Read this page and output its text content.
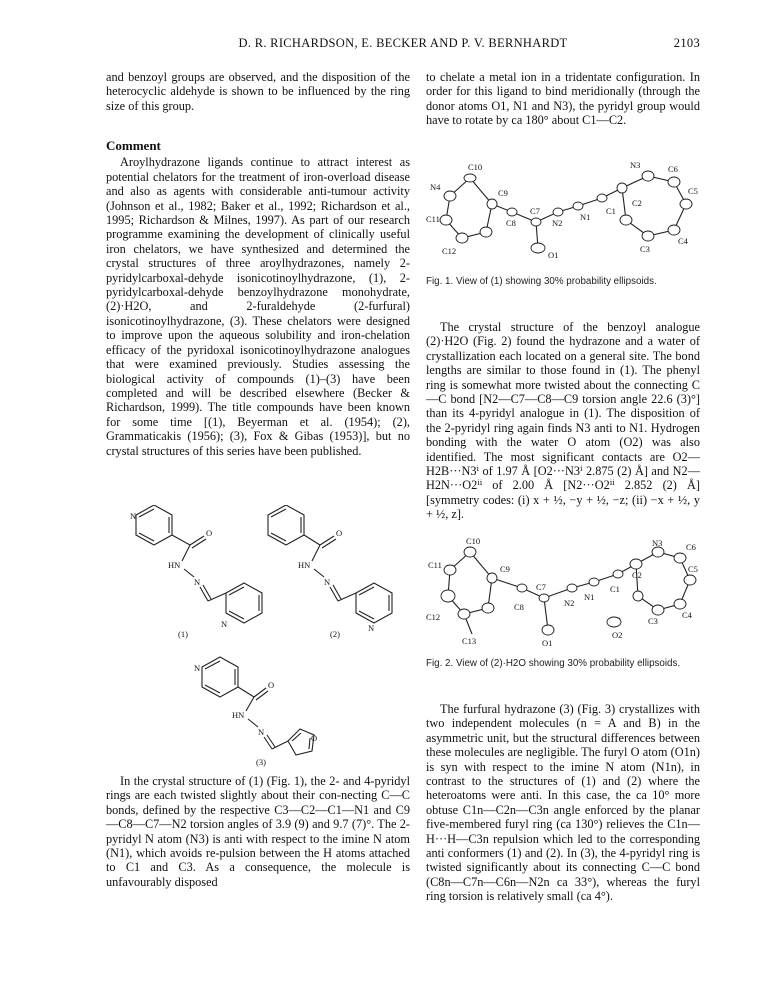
D. R. RICHARDSON, E. BECKER AND P. V. BERNHARDT	2103

and benzoyl groups are observed, and the disposition of the heterocyclic aldehyde is shown to be influenced by the ring size of this group.

Comment

Aroylhydrazone ligands continue to attract interest as potential chelators for the treatment of iron-overload disease and also as agents with considerable anti-tumour activity (Johnson et al., 1982; Baker et al., 1992; Richardson et al., 1995; Richardson & Milnes, 1997). As part of our research programme examining the development of clinically useful iron chelators, we have synthesized and determined the crystal structures of three aroylhydrazones, namely 2-pyridylcarboxal-dehyde isonicotinoylhydrazone, (1), 2-pyridylcarboxal-dehyde benzoylhydrazone monohydrate, (2)·H2O, and 2-furaldehyde (2-furfural) isonicotinoylhydrazone, (3). These chelators were designed to improve upon the aqueous solubility and iron-chelation efficacy of the pyridoxal isonicotinoylhydrazone analogues that were examined previously. Studies assessing the biological activity of compounds (1)–(3) have been completed and will be described elsewhere (Becker & Richardson, 1999). The title compounds have been known for some time [(1), Beyerman et al. (1954); (2), Grammaticakis (1956); (3), Fox & Gibas (1953)], but no crystal structures of this series have been published.

N
O
HN
N
N
(1)
O
HN
N
N
(2)
N
O
HN
N
O
(3)

In the crystal structure of (1) (Fig. 1), the 2- and 4-pyridyl rings are each twisted slightly about their con-necting C—C bonds, defined by the respective C3—C2—C1—N1 and C9—C8—C7—N2 torsion angles of 3.9 (9) and 9.7 (7)°. The 2-pyridyl N atom (N3) is anti with respect to the imine N atom (N1), which avoids re-pulsion between the H atoms attached to C1 and C3. As a consequence, the molecule is unfavourably disposed

to chelate a metal ion in a tridentate configuration. In order for this ligand to bind meridionally (through the donor atoms O1, N1 and N3), the pyridyl group would have to rotate by ca 180° about C1—C2.

C10
N4
C9
C11	C8
C7
C12
N2
N1
C1
C2
O1
N3	C6
C5
C4
C3
Fig. 1. View of (1) showing 30% probability ellipsoids.

The crystal structure of the benzoyl analogue (2)·H2O (Fig. 2) found the hydrazone and a water of crystallization each located on a general site. The bond lengths are similar to those found in (1). The phenyl ring is somewhat more twisted about the connecting C—C bond [N2—C7—C8—C9 torsion angle 22.6 (3)°] than its 4-pyridyl analogue in (1). The disposition of the 2-pyridyl ring again finds N3 anti to N1. Hydrogen bonding with the water O atom (O2) was also identified. The most significant contacts are O2—H2B···N3ⁱ of 1.97 Å [O2···N3ⁱ 2.875 (2) Å] and N2—H2N···O2ⁱⁱ of 2.00 Å [N2···O2ⁱⁱ 2.852 (2) Å] [symmetry codes: (i) x + ½, −y + ½, −z; (ii) −x + ½, y + ½, z].

C10
C11	C9
C7
N1
C1
C2
N2
C8
C12
C13	O1
O2
N3	C6
C5
C4
C3
Fig. 2. View of (2)·H2O showing 30% probability ellipsoids.

The furfural hydrazone (3) (Fig. 3) crystallizes with two independent molecules (n = A and B) in the asymmetric unit, but the structural differences between these molecules are negligible. The furyl O atom (O1n) is syn with respect to the imine N atom (N1n), in contrast to the structures of (1) and (2) where the heteroatoms were anti. In this case, the ca 10° more obtuse C1n—C2n—C3n angle enforced by the planar five-membered furyl ring (ca 130°) relieves the C1n—H···H—C3n repulsion which led to the corresponding anti conformers (1) and (2). In (3), the 4-pyridyl ring is twisted significantly about its connecting C—C bond (C8n—C7n—C6n—N2n ca 33°), whereas the furyl ring torsion is relatively small (ca 4°).
